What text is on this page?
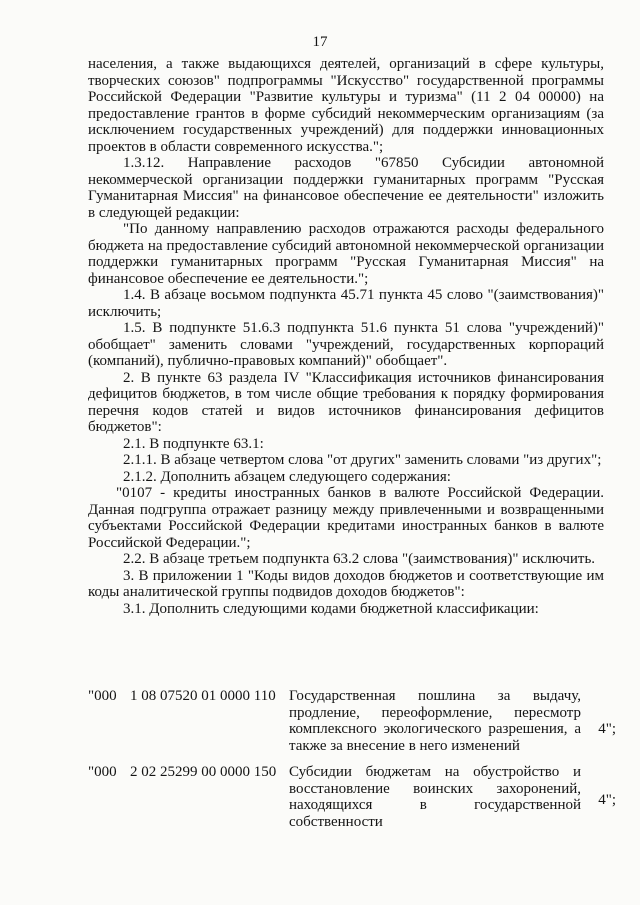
17

населения, а также выдающихся деятелей, организаций в сфере культуры, творческих союзов" подпрограммы "Искусство" государственной программы Российской Федерации "Развитие культуры и туризма" (11 2 04 00000) на предоставление грантов в форме субсидий некоммерческим организациям (за исключением государственных учреждений) для поддержки инновационных проектов в области современного искусства.";

1.3.12. Направление расходов "67850 Субсидии автономной некоммерческой организации поддержки гуманитарных программ "Русская Гуманитарная Миссия" на финансовое обеспечение ее деятельности" изложить в следующей редакции:

"По данному направлению расходов отражаются расходы федерального бюджета на предоставление субсидий автономной некоммерческой организации поддержки гуманитарных программ "Русская Гуманитарная Миссия" на финансовое обеспечение ее деятельности.";

1.4. В абзаце восьмом подпункта 45.71 пункта 45 слово "(заимствования)" исключить;

1.5. В подпункте 51.6.3 подпункта 51.6 пункта 51 слова "учреждений)" обобщает" заменить словами "учреждений, государственных корпораций (компаний), публично-правовых компаний)" обобщает".

2. В пункте 63 раздела IV "Классификация источников финансирования дефицитов бюджетов, в том числе общие требования к порядку формирования перечня кодов статей и видов источников финансирования дефицитов бюджетов":

2.1. В подпункте 63.1:

2.1.1. В абзаце четвертом слова "от других" заменить словами "из других";

2.1.2. Дополнить абзацем следующего содержания:

"0107 - кредиты иностранных банков в валюте Российской Федерации. Данная подгруппа отражает разницу между привлеченными и возвращенными субъектами Российской Федерации кредитами иностранных банков в валюте Российской Федерации.";

2.2. В абзаце третьем подпункта 63.2 слова "(заимствования)" исключить.

3. В приложении 1 "Коды видов доходов бюджетов и соответствующие им коды аналитической группы подвидов доходов бюджетов":

3.1. Дополнить следующими кодами бюджетной классификации:

"000 1 08 07520 01 0000 110 Государственная пошлина за выдачу, продление, переоформление, пересмотр комплексного экологического разрешения, а также за внесение в него изменений
4";
"000 2 02 25299 00 0000 150 Субсидии бюджетам на обустройство и восстановление воинских захоронений, находящихся в государственной собственности
4";
